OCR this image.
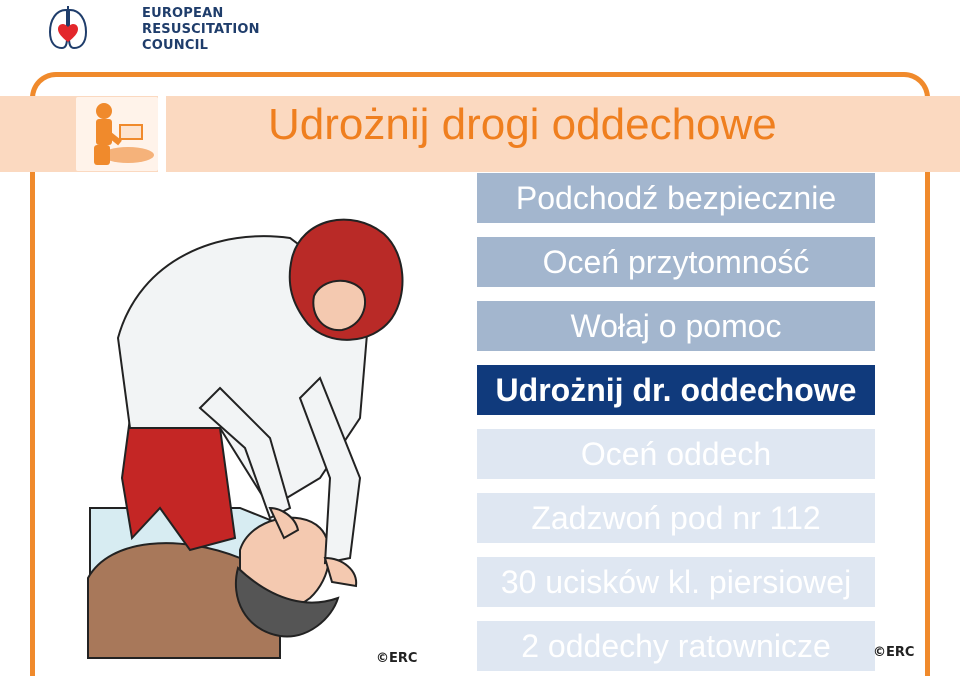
EUROPEAN
RESUSCITATION
COUNCIL
Udrożnij drogi oddechowe
Podchodź bezpiecznie
Oceń przytomność
Wołaj o pomoc
Udrożnij dr. oddechowe
Oceń oddech
Zadzwoń pod nr 112
30 ucisków kl. piersiowej
2 oddechy ratownicze
©ERC	©ERC
